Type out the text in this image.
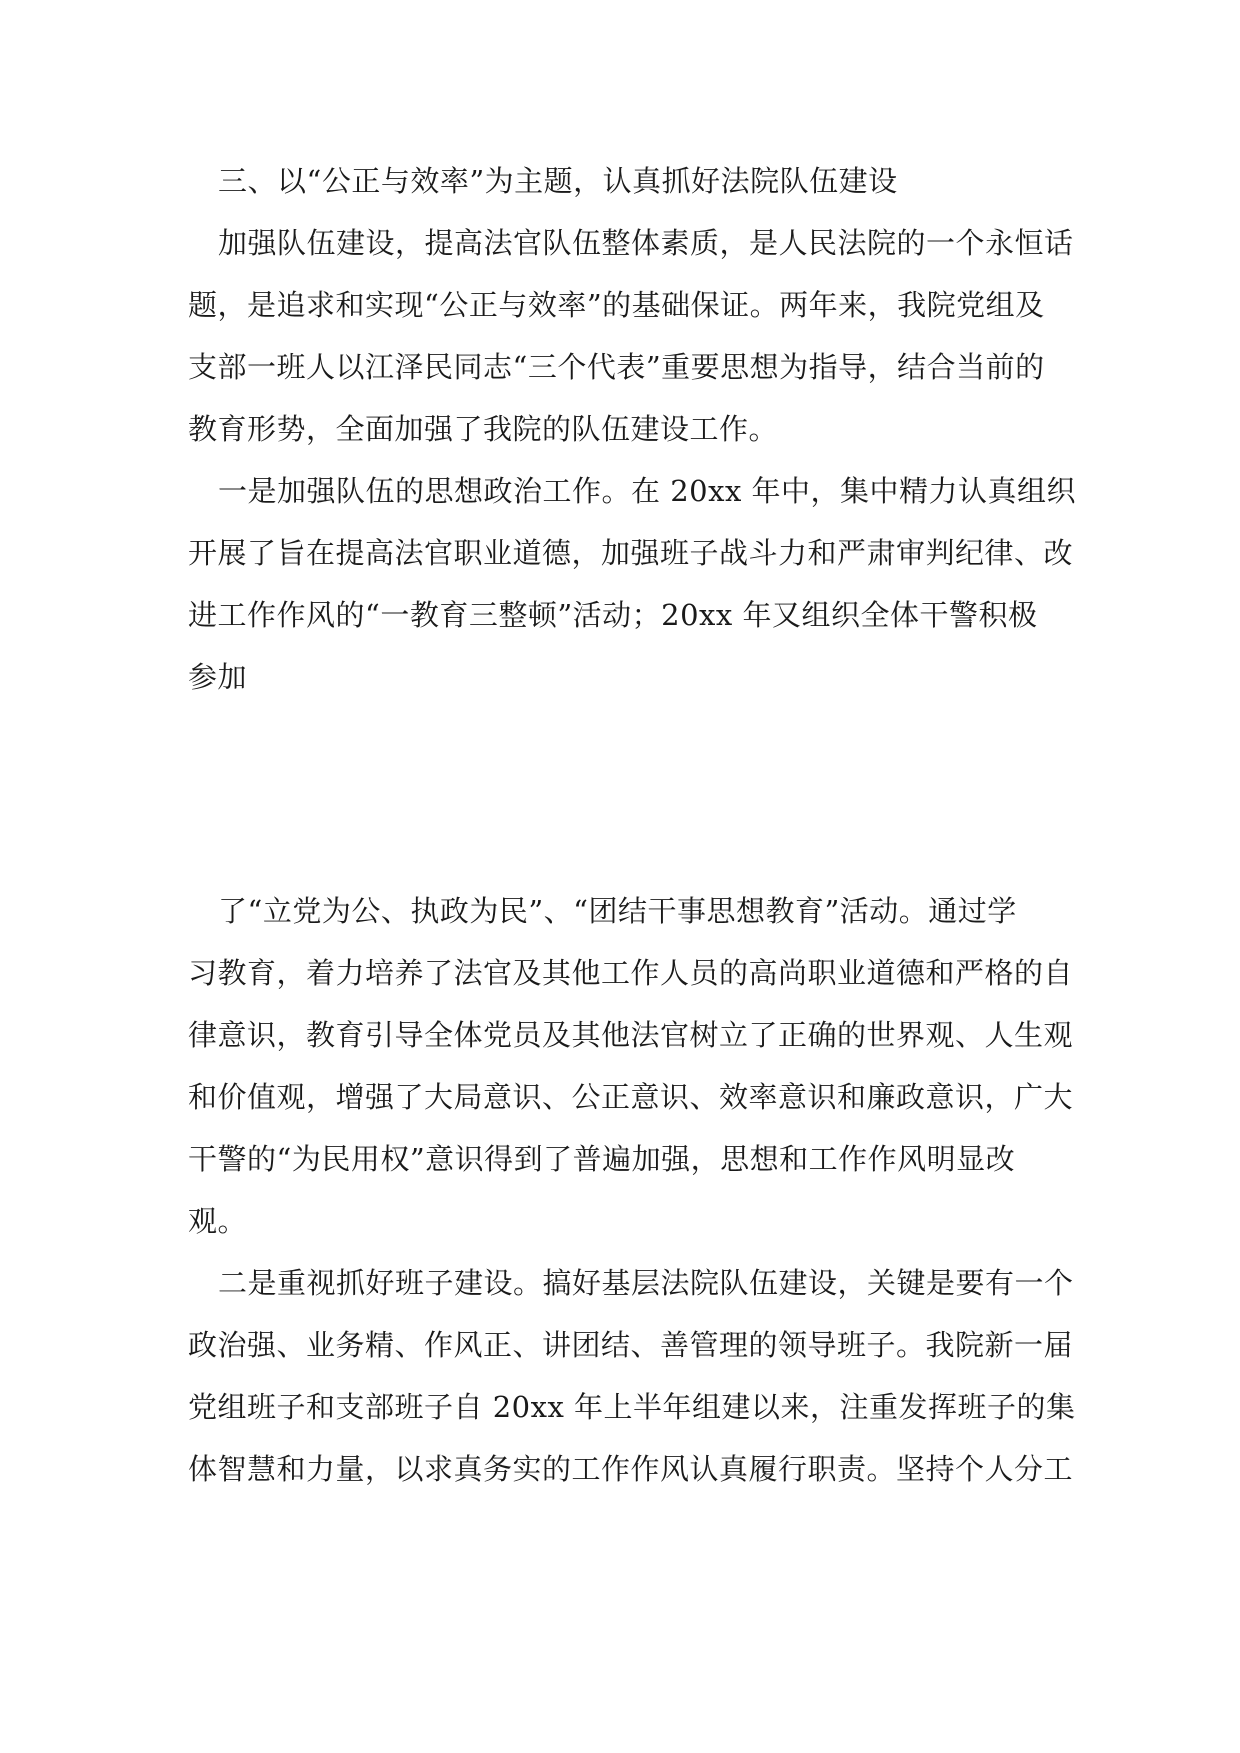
三、以“公正与效率”为主题，认真抓好法院队伍建设
加强队伍建设，提高法官队伍整体素质，是人民法院的一个永恒话
题，是追求和实现“公正与效率”的基础保证。两年来，我院党组及
支部一班人以江泽民同志“三个代表”重要思想为指导，结合当前的
教育形势，全面加强了我院的队伍建设工作。
一是加强队伍的思想政治工作。在 20xx 年中，集中精力认真组织
开展了旨在提高法官职业道德，加强班子战斗力和严肃审判纪律、改
进工作作风的“一教育三整顿”活动；20xx 年又组织全体干警积极
参加
了“立党为公、执政为民”、“团结干事思想教育”活动。通过学
习教育，着力培养了法官及其他工作人员的高尚职业道德和严格的自
律意识，教育引导全体党员及其他法官树立了正确的世界观、人生观
和价值观，增强了大局意识、公正意识、效率意识和廉政意识，广大
干警的“为民用权”意识得到了普遍加强，思想和工作作风明显改
观。
二是重视抓好班子建设。搞好基层法院队伍建设，关键是要有一个
政治强、业务精、作风正、讲团结、善管理的领导班子。我院新一届
党组班子和支部班子自 20xx 年上半年组建以来，注重发挥班子的集
体智慧和力量，以求真务实的工作作风认真履行职责。坚持个人分工
